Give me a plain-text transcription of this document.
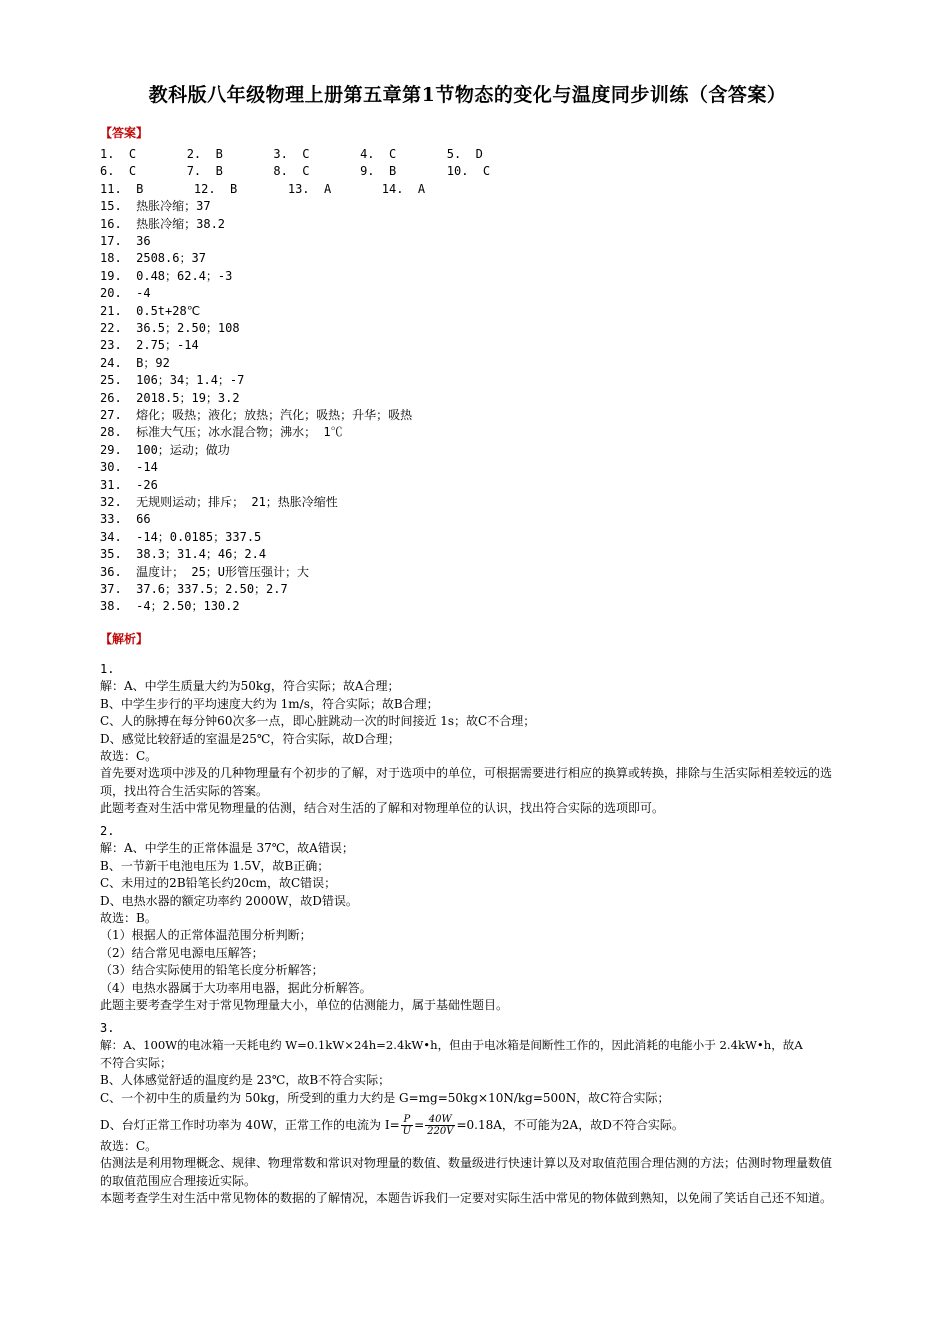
教科版八年级物理上册第五章第1节物态的变化与温度同步训练（含答案）
【答案】
1.  C       2.  B       3.  C       4.  C       5.  D
6.  C       7.  B       8.  C       9.  B       10.  C
11.  B       12.  B       13.  A       14.  A
15.  热胀冷缩；37
16.  热胀冷缩；38.2
17.  36
18.  2508.6；37
19.  0.48；62.4；-3
20.  -4
21.  0.5t+28℃
22.  36.5；2.50；108
23.  2.75；-14
24.  B；92
25.  106；34；1.4；-7
26.  2018.5；19；3.2
27.  熔化；吸热；液化；放热；汽化；吸热；升华；吸热
28.  标准大气压；冰水混合物；沸水； 1℃
29.  100；运动；做功
30.  -14
31.  -26
32.  无规则运动；排斥； 21；热胀冷缩性
33.  66
34.  -14；0.0185；337.5
35.  38.3；31.4；46；2.4
36.  温度计； 25；U形管压强计；大
37.  37.6；337.5；2.50；2.7
38.  -4；2.50；130.2
【解析】
1.
解：A、中学生质量大约为50kg，符合实际；故A合理；
B、中学生步行的平均速度大约为 1m/s，符合实际；故B合理；
C、人的脉搏在每分钟60次多一点，即心脏跳动一次的时间接近 1s；故C不合理；
D、感觉比较舒适的室温是25℃，符合实际，故D合理；
故选：C。
首先要对选项中涉及的几种物理量有个初步的了解，对于选项中的单位，可根据需要进行相应的换算或转换，排除与生活实际相差较远的选项，找出符合生活实际的答案。
此题考查对生活中常见物理量的估测，结合对生活的了解和对物理单位的认识，找出符合实际的选项即可。
2.
解：A、中学生的正常体温是 37℃，故A错误；
B、一节新干电池电压为 1.5V，故B正确；
C、未用过的2B铅笔长约20cm，故C错误；
D、电热水器的额定功率约 2000W，故D错误。
故选：B。
（1）根据人的正常体温范围分析判断；
（2）结合常见电源电压解答；
（3）结合实际使用的铅笔长度分析解答；
（4）电热水器属于大功率用电器，据此分析解答。
此题主要考查学生对于常见物理量大小，单位的估测能力，属于基础性题目。
3.
解：A、100W的电冰箱一天耗电约 W=0.1kW×24h=2.4kW•h，但由于电冰箱是间断性工作的，因此消耗的电能小于 2.4kW•h，故A
不符合实际；
B、人体感觉舒适的温度约是 23℃，故B不符合实际；
C、一个初中生的质量约为 50kg，所受到的重力大约是 G=mg=50kg×10N/kg=500N，故C符合实际；
D、台灯正常工作时功率为 40W，正常工作的电流为 $I= \frac{P}{U} = \frac{40W}{220V} =0.18A$，不可能为2A，故D不符合实际。
故选：C。
估测法是利用物理概念、规律、物理常数和常识对物理量的数值、数量级进行快速计算以及对取值范围合理估测的方法；估测时物理量数值的取值范围应合理接近实际。
本题考查学生对生活中常见物体的数据的了解情况，本题告诉我们一定要对实际生活中常见的物体做到熟知，以免闹了笑话自己还不知道。
